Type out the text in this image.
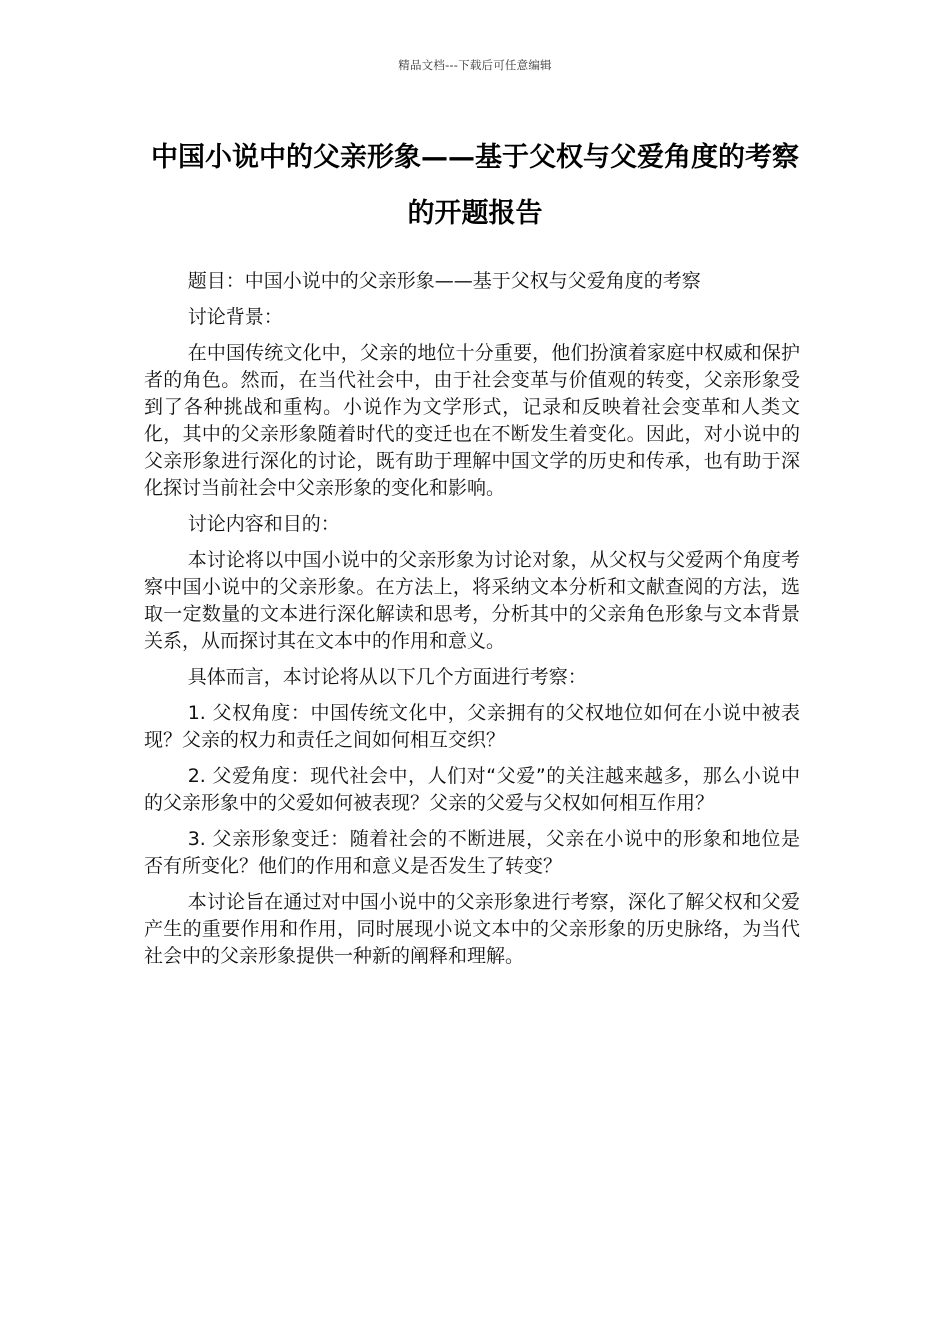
精品文档---下载后可任意编辑
中国小说中的父亲形象——基于父权与父爱角度的考察的开题报告

题目：中国小说中的父亲形象——基于父权与父爱角度的考察

讨论背景：

在中国传统文化中，父亲的地位十分重要，他们扮演着家庭中权威和保护者的角色。然而，在当代社会中，由于社会变革与价值观的转变，父亲形象受到了各种挑战和重构。小说作为文学形式，记录和反映着社会变革和人类文化，其中的父亲形象随着时代的变迁也在不断发生着变化。因此，对小说中的父亲形象进行深化的讨论，既有助于理解中国文学的历史和传承，也有助于深化探讨当前社会中父亲形象的变化和影响。

讨论内容和目的：

本讨论将以中国小说中的父亲形象为讨论对象，从父权与父爱两个角度考察中国小说中的父亲形象。在方法上，将采纳文本分析和文献查阅的方法，选取一定数量的文本进行深化解读和思考，分析其中的父亲角色形象与文本背景关系，从而探讨其在文本中的作用和意义。

具体而言，本讨论将从以下几个方面进行考察：

1. 父权角度：中国传统文化中，父亲拥有的父权地位如何在小说中被表现？父亲的权力和责任之间如何相互交织？

2. 父爱角度：现代社会中，人们对“父爱”的关注越来越多，那么小说中的父亲形象中的父爱如何被表现？父亲的父爱与父权如何相互作用？

3. 父亲形象变迁：随着社会的不断进展，父亲在小说中的形象和地位是否有所变化？他们的作用和意义是否发生了转变？

本讨论旨在通过对中国小说中的父亲形象进行考察，深化了解父权和父爱产生的重要作用和作用，同时展现小说文本中的父亲形象的历史脉络，为当代社会中的父亲形象提供一种新的阐释和理解。
